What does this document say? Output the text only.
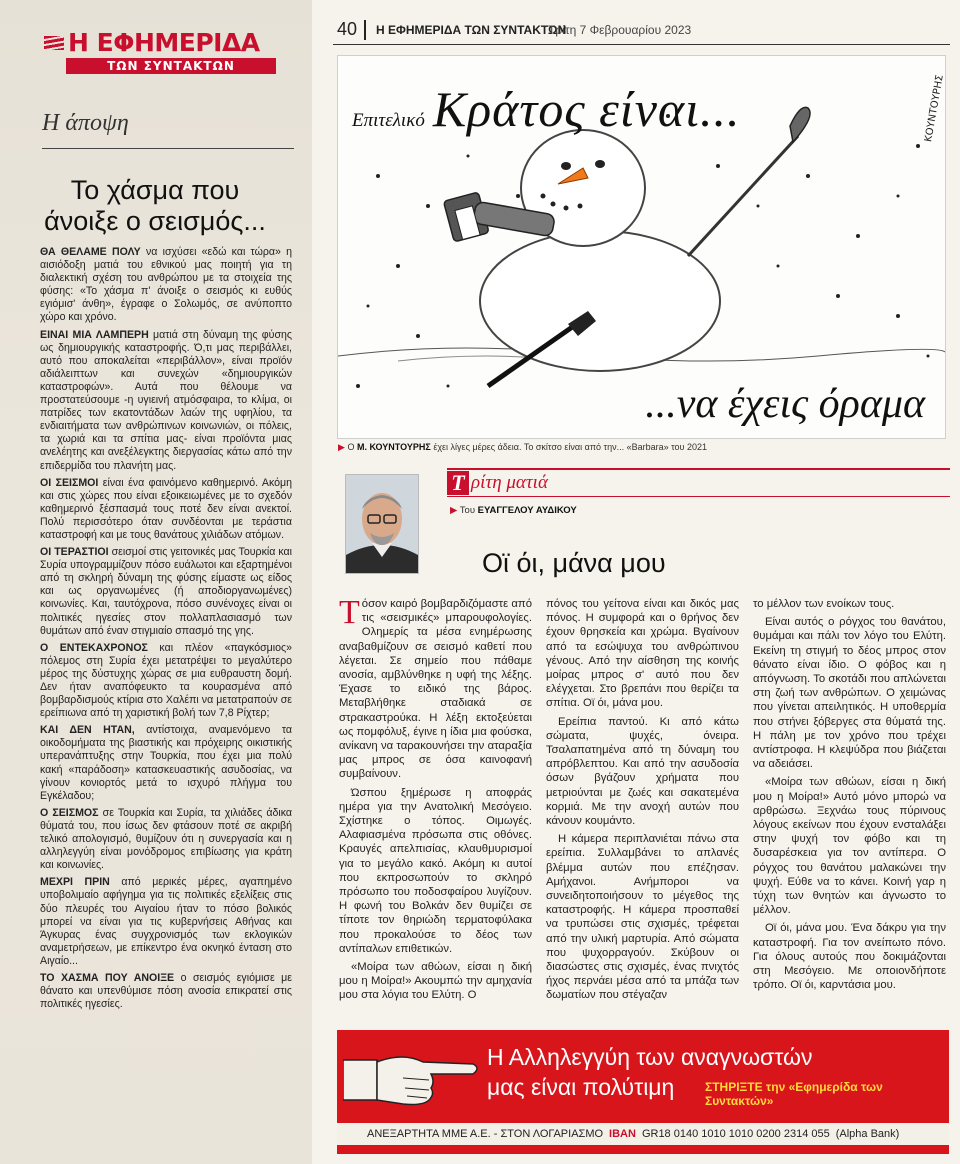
Η ΕΦΗΜΕΡΙΔΑ
ΤΩΝ ΣΥΝΤΑΚΤΩΝ
Η άποψη
Το χάσμα που άνοιξε ο σεισμός...

ΘΑ ΘΕΛΑΜΕ ΠΟΛΥ να ισχύσει «εδώ και τώρα» η αισιόδοξη ματιά του εθνικού μας ποιητή για τη διαλεκτική σχέση του ανθρώπου με τα στοιχεία της φύσης: «Το χάσμα π' άνοιξε ο σεισμός κι ευθύς εγιόμισ' άνθη», έγραφε ο Σολωμός, σε ανύποπτο χώρο και χρόνο.

ΕΙΝΑΙ ΜΙΑ ΛΑΜΠΕΡΗ ματιά στη δύναμη της φύσης ως δημιουργικής καταστροφής. Ό,τι μας περιβάλλει, αυτό που αποκαλείται «περιβάλλον», είναι προϊόν αδιάλειπτων και συνεχών «δημιουργικών καταστροφών». Αυτά που θέλουμε να προστατεύσουμε -η υγιεινή ατμόσφαιρα, το κλίμα, οι πατρίδες των εκατοντάδων λαών της υφηλίου, τα ενδιαιτήματα των ανθρώπινων κοινωνιών, οι πόλεις, τα χωριά και τα σπίτια μας- είναι προϊόντα μιας ανελέητης και ανεξέλεγκτης διεργασίας κάτω από την επιδερμίδα του πλανήτη μας.

ΟΙ ΣΕΙΣΜΟΙ είναι ένα φαινόμενο καθημερινό. Ακόμη και στις χώρες που είναι εξοικειωμένες με το σχεδόν καθημερινό ξέσπασμά τους ποτέ δεν είναι ανεκτοί. Πολύ περισσότερο όταν συνδέονται με τεράστια καταστροφή και με τους θανάτους χιλιάδων ατόμων.

ΟΙ ΤΕΡΑΣΤΙΟΙ σεισμοί στις γειτονικές μας Τουρκία και Συρία υπογραμμίζουν πόσο ευάλωτοι και εξαρτημένοι από τη σκληρή δύναμη της φύσης είμαστε ως είδος και ως οργανωμένες (ή αποδιοργανωμένες) κοινωνίες. Και, ταυτόχρονα, πόσο συνένοχες είναι οι πολιτικές ηγεσίες στον πολλαπλασιασμό των θυμάτων από έναν στιγμιαίο σπασμό της γης.

Ο ΕΝΤΕΚΑΧΡΟΝΟΣ και πλέον «παγκόσμιος» πόλεμος στη Συρία έχει μετατρέψει το μεγαλύτερο μέρος της δύστυχης χώρας σε μια ευθραυστη δομή. Δεν ήταν αναπόφευκτο τα κουρασμένα από βομβαρδισμούς κτίρια στο Χαλέπι να μετατραπούν σε ερείπιωνα από τη χαριστική βολή των 7,8 Ρίχτερ;

ΚΑΙ ΔΕΝ ΗΤΑΝ, αντίστοιχα, αναμενόμενο τα οικοδομήματα της βιαστικής και πρόχειρης οικιστικής υπερανάπτυξης στην Τουρκία, που έχει μια πολύ κακή «παράδοση» κατασκευαστικής ασυδοσίας, να γίνουν κονιορτός μετά το ισχυρό πλήγμα του Εγκέλαδου;

Ο ΣΕΙΣΜΟΣ σε Τουρκία και Συρία, τα χιλιάδες άδικα θύματά του, που ίσως δεν φτάσουν ποτέ σε ακριβή τελικό απολογισμό, θυμίζουν ότι η συνεργασία και η αλληλεγγύη είναι μονόδρομος επιβίωσης για κράτη και κοινωνίες.

ΜΕΧΡΙ ΠΡΙΝ από μερικές μέρες, αγαπημένο υποβολιμαίο αφήγημα για τις πολιτικές εξελίξεις στις δύο πλευρές του Αιγαίου ήταν το πόσο βολικός μπορεί να είναι για τις κυβερνήσεις Αθήνας και Άγκυρας ένας συγχρονισμός των εκλογικών αναμετρήσεων, με επίκεντρο ένα οκνηκό ένταση στο Αιγαίο...

ΤΟ ΧΑΣΜΑ ΠΟΥ ΑΝΟΙΞΕ ο σεισμός εγιόμισε με θάνατο και υπενθύμισε πόση ανοσία επικρατεί στις πολιτικές ηγεσίες.

40 Η ΕΦΗΜΕΡΙΔΑ ΤΩΝ ΣΥΝΤΑΚΤΩΝ
Τρίτη 7 Φεβρουαρίου 2023
Επιτελικό Κράτος είναι...
...να έχεις όραμα
ΚΟΥΝΤΟΥΡΗΣ
▶ Ο Μ. ΚΟΥΝΤΟΥΡΗΣ έχει λίγες μέρες άδεια. Το σκίτσο είναι από την... «Barbara» του 2021
Τ ρίτη ματιά
▶ Του ΕΥΑΓΓΕΛΟΥ ΑΥΔΙΚΟΥ
Οϊ όι, μάνα μου

Τόσον καιρό βομβαρδιζόμαστε από τις «σεισμικές» μπαρουφολογίες. Ολημερίς τα μέσα ενημέρωσης αναβαθμίζουν σε σεισμό καθετί που λέγεται. Σε σημείο που πάθαμε ανοσία, αμβλύνθηκε η υφή της λέξης. Έχασε το ειδικό της βάρος. Μεταβλήθηκε σταδιακά σε στρακαστρούκα. Η λέξη εκτοξεύεται ως πομφόλυξ, έγινε η ίδια μια φούσκα, ανίκανη να ταρακουνήσει την αταραξία μας μπρος σε όσα καινοφανή συμβαίνουν.

Ώσπου ξημέρωσε η αποφράς ημέρα για την Ανατολική Μεσόγειο. Σχίστηκε ο τόπος. Οιμωγές. Αλαφιασμένα πρόσωπα στις οθόνες. Κραυγές απελπισίας, κλαυθμυρισμοί για το μεγάλο κακό. Ακόμη κι αυτοί που εκπροσωπούν το σκληρό πρόσωπο του ποδοσφαίρου λυγίζουν. Η φωνή του Βολκάν δεν θυμίζει σε τίποτε τον θηριώδη τερματοφύλακα που προκαλούσε το δέος των αντίπαλων επιθετικών.

«Μοίρα των αθώων, είσαι η δική μου η Μοίρα!» Ακουμπώ την αμηχανία μου στα λόγια του Ελύτη. Ο

πόνος του γείτονα είναι και δικός μας πόνος. Η συμφορά και ο θρήνος δεν έχουν θρησκεία και χρώμα. Βγαίνουν από τα εσώψυχα του ανθρώπινου γένους. Από την αίσθηση της κοινής μοίρας μπρος σ' αυτό που δεν ελέγχεται. Στο βρεπάνι που θερίζει τα σπίτια. Οϊ όι, μάνα μου.

Ερείπια παντού. Κι από κάτω σώματα, ψυχές, όνειρα. Τσαλαπατημένα από τη δύναμη του απρόβλεπτου. Και από την ασυδοσία όσων βγάζουν χρήματα που μετριούνται με ζωές και σακατεμένα κορμιά. Με την ανοχή αυτών που κάνουν κουμάντο.

Η κάμερα περιπλανιέται πάνω στα ερείπια. Συλλαμβάνει το απλανές βλέμμα αυτών που επέζησαν. Αμήχανοι. Ανήμποροι να συνειδητοποιήσουν το μέγεθος της καταστροφής. Η κάμερα προσπαθεί να τρυπώσει στις σχισμές, τρέφεται από την υλική μαρτυρία. Από σώματα που ψυχορραγούν. Σκύβουν οι διασώστες στις σχισμές, ένας πνιχτός ήχος περνάει μέσα από τα μπάζα των δωματίων που στέγαζαν

το μέλλον των ενοίκων τους.

Είναι αυτός ο ρόγχος του θανάτου, θυμάμαι και πάλι τον λόγο του Ελύτη. Εκείνη τη στιγμή το δέος μπρος στον θάνατο είναι ίδιο. Ο φόβος και η απόγνωση. Το σκοτάδι που απλώνεται στη ζωή των ανθρώπων. Ο χειμώνας που γίνεται απειλητικός. Η υποθερμία που στήνει ξόβεργες στα θύματά της. Η πάλη με τον χρόνο που τρέχει αντίστροφα. Η κλεψύδρα που βιάζεται να αδειάσει.

«Μοίρα των αθώων, είσαι η δική μου η Μοίρα!» Αυτό μόνο μπορώ να αρθρώσω. Ξεχνάω τους πύρινους λόγους εκείνων που έχουν ενσταλάξει στην ψυχή τον φόβο και τη δυσαρέσκεια για τον αντίπερα. Ο ρόγχος του θανάτου μαλακώνει την ψυχή. Εύθε να το κάνει. Κοινή γαρ η τύχη των θνητών και άγνωστο το μέλλον.

Οϊ όι, μάνα μου. Ένα δάκρυ για την καταστροφή. Για τον ανείπωτο πόνο. Για όλους αυτούς που δοκιμάζονται στη Μεσόγειο. Με οποιονδήποτε τρόπο. Οϊ όι, καρντάσια μου.

Η Αλληλεγγύη των αναγνωστών
μας είναι πολύτιμη	ΣΤΗΡΙΞΤΕ την «Εφημερίδα των Συντακτών»
ΑΝΕΞΑΡΤΗΤΑ ΜΜΕ Α.Ε. - ΣΤΟΝ ΛΟΓΑΡΙΑΣΜΟ IBAN GR18 0140 1010 1010 0200 2314 055 (Alpha Bank)
